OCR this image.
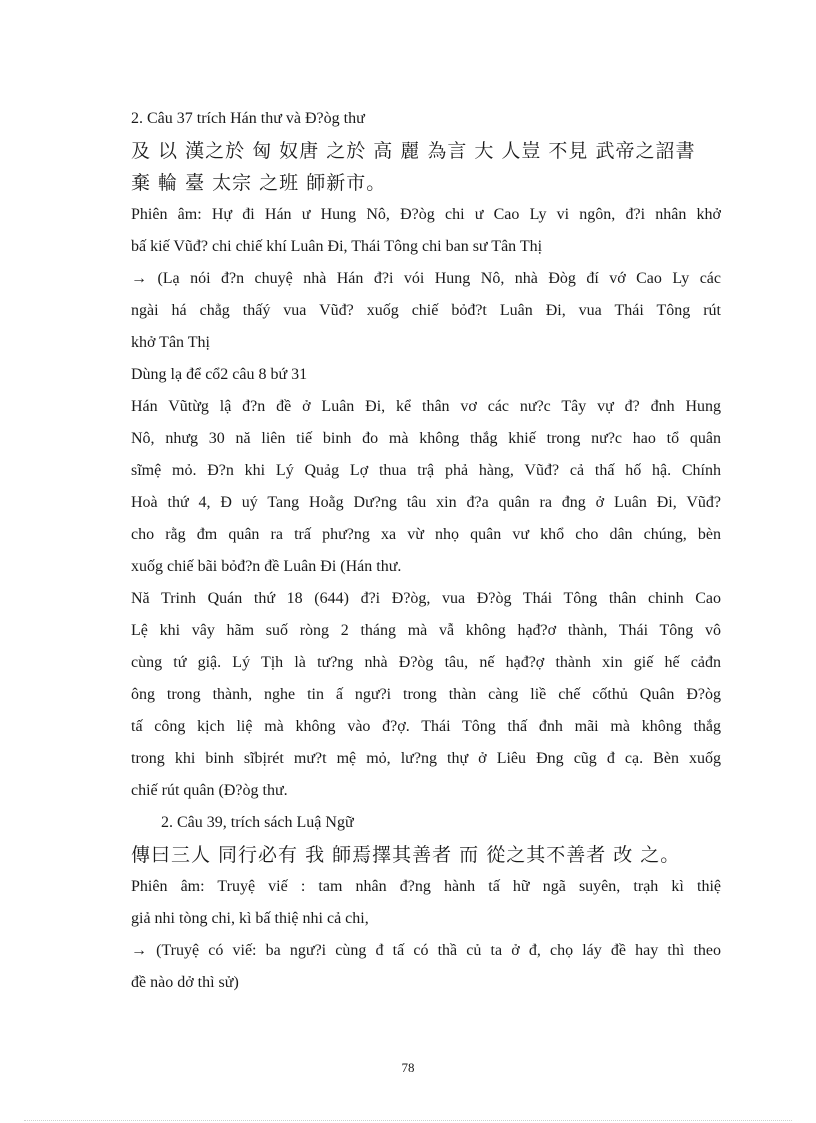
2. Câu 37 trích Hán thư và Đ?òg thư
及 以 漢之於 匈 奴唐 之於 高 麗 為言 大 人豈 不見 武帝之詔書
棄 輪 臺 太宗 之班 師新市。
Phiên âm: Hự đi Hán ư Hung Nô, Đ?òg chi ư Cao Ly vi ngôn, đ?i nhân khở
bấ kiế Vũđ? chi chiế khí Luân Đi, Thái Tông chi ban sư Tân Thị
→ (Lạ nói đ?n chuyệ nhà Hán đ?i vói Hung Nô, nhà Đòg đí vớ Cao Ly các
ngài há chẳg thấý vua Vũđ? xuốg chiế bỏđ?t Luân Đi, vua Thái Tông rút
khở Tân Thị
Dùng lạ để cổ2 câu 8 bứ 31
Hán Vũtừg lậ đ?n đề ở Luân Đi, kể thân vơ các nư?c Tây vự đ? đnh Hung
Nô, nhưg 30 nă liên tiế binh đo mà không thắg khiế trong nư?c hao tổ quân
sĩmệ mỏ. Đ?n khi Lý Quảg Lợ thua trậ phả hàng, Vũđ? cả thấ hố hậ. Chính
Hoà thứ 4, Đ uý Tang Hoằg Dư?ng tâu xin đ?a quân ra đng ở Luân Đi, Vũđ?
cho rằg đm quân ra trấ phư?ng xa vừ nhọ quân vư khổ cho dân chúng, bèn
xuốg chiế bãi bỏđ?n đề Luân Đi (Hán thư.
Nă Trinh Quán thứ 18 (644) đ?i Đ?òg, vua Đ?òg Thái Tông thân chinh Cao
Lệ khi vây hãm suố ròng 2 tháng mà vẫ không hạđ?ơ thành, Thái Tông vô
cùng tứ giậ. Lý Tịh là tư?ng nhà Đ?òg tâu, nế hạđ?ợ thành xin giế hế cảđn
ông trong thành, nghe tin ấ ngư?i trong thàn càng liề chế cốthủ Quân Đ?òg
tấ công kịch liệ mà không vào đ?ợ. Thái Tông thấ đnh mãi mà không thắg
trong khi binh sĩbịrét mư?t mệ mỏ, lư?ng thự ở Liêu Đng cũg đ cạ. Bèn xuốg
chiế rút quân (Đ?òg thư.
2. Câu 39, trích sách Luậ Ngữ
傳曰三人 同行必有 我 師焉擇其善者 而 從之其不善者 改 之。
Phiên âm: Truyệ viế : tam nhân đ?ng hành tấ hữ ngã suyên, trạh kì thiệ
giả nhi tòng chi, kì bấ thiệ nhi cả chi,
→ (Truyệ có viế: ba ngư?i cùng đ tấ có thầ củ ta ở đ, chọ láy đề hay thì theo
đề nào dở thì sử)
78
